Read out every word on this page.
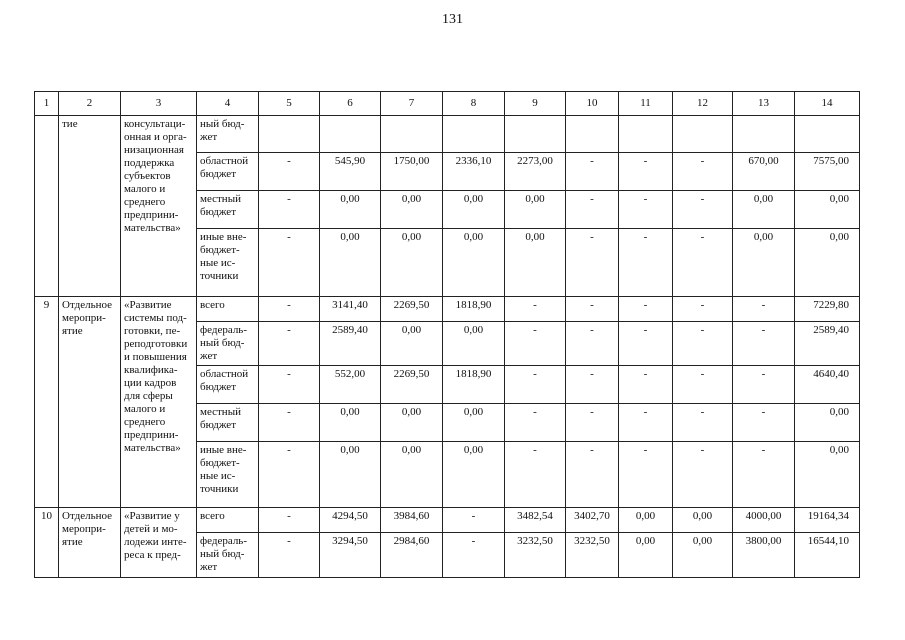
131
1	2	3	4	5	6	7	8	9	10	11	12	13	14
	тие	консультаци-онная и орга-низационная поддержка субъектов малого и среднего предприни-мательства»	ный бюд-жет										
			областной бюджет	-	545,90	1750,00	2336,10	2273,00	-	-	-	670,00	7575,00
			местный бюджет	-	0,00	0,00	0,00	0,00	-	-	-	0,00	0,00
			иные вне-бюджет-ные ис-точники	-	0,00	0,00	0,00	0,00	-	-	-	0,00	0,00
9	Отдельное меропри-ятие	«Развитие системы под-готовки, пе-реподготовки и повышения квалифика-ции кадров для сферы малого и среднего предприни-мательства»	всего	-	3141,40	2269,50	1818,90	-	-	-	-	-	7229,80
			федераль-ный бюд-жет	-	2589,40	0,00	0,00	-	-	-	-	-	2589,40
			областной бюджет	-	552,00	2269,50	1818,90	-	-	-	-	-	4640,40
			местный бюджет	-	0,00	0,00	0,00	-	-	-	-	-	0,00
			иные вне-бюджет-ные ис-точники	-	0,00	0,00	0,00	-	-	-	-	-	0,00
10	Отдельное меропри-ятие	«Развитие у детей и мо-лодежи инте-реса к пред-	всего	-	4294,50	3984,60	-	3482,54	3402,70	0,00	0,00	4000,00	19164,34
			федераль-ный бюд-жет	-	3294,50	2984,60	-	3232,50	3232,50	0,00	0,00	3800,00	16544,10
